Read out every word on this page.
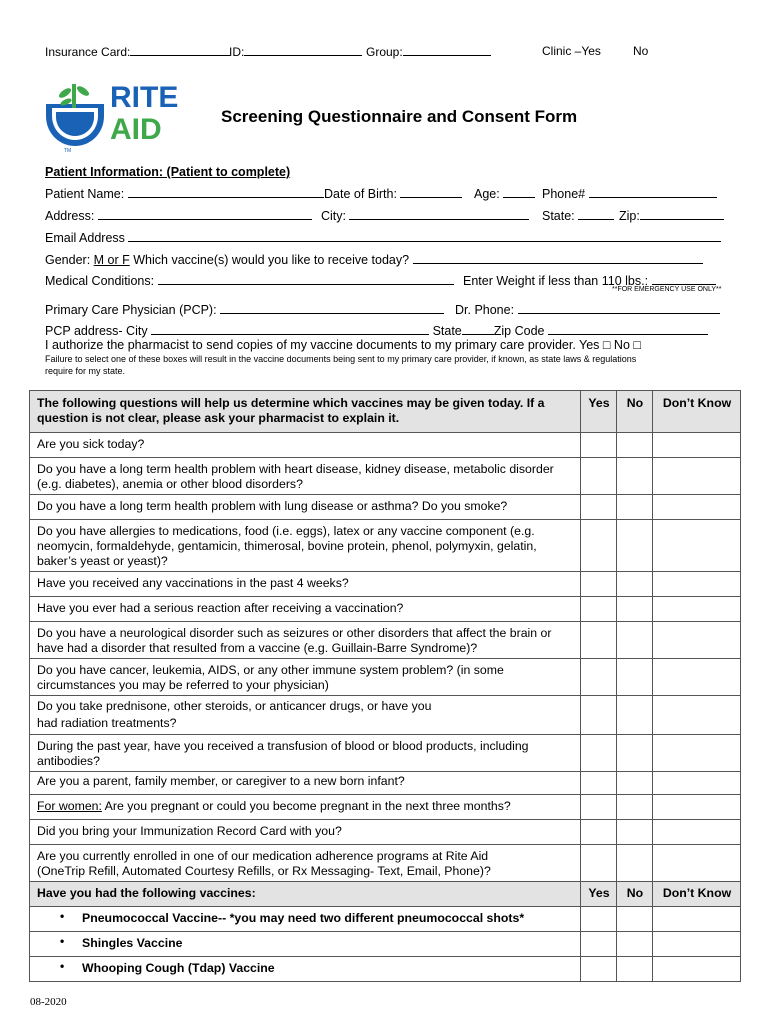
Insurance Card:	ID:	Group:	Clinic –Yes	No
RITE
AID
TM
Screening Questionnaire and Consent Form
Patient Information: (Patient to complete)
Patient Name:	Date of Birth:	Age:	Phone#
Address:	City:	State:	Zip:
Email Address
Gender: M or F Which vaccine(s) would you like to receive today?
Medical Conditions:	Enter Weight if less than 110 lbs.:
**FOR EMERGENCY USE ONLY**
Primary Care Physician (PCP):	Dr. Phone:
PCP address- City	State	Zip Code
I authorize the pharmacist to send copies of my vaccine documents to my primary care provider. Yes □ No □
Failure to select one of these boxes will result in the vaccine documents being sent to my primary care provider, if known, as state laws & regulations
require for my state.
The following questions will help us determine which vaccines may be given today. If a
question is not clear, please ask your pharmacist to explain it.	Yes	No	Don’t Know

Are you sick today?			

Do you have a long term health problem with heart disease, kidney disease, metabolic disorder
(e.g. diabetes), anemia or other blood disorders?			

Do you have a long term health problem with lung disease or asthma? Do you smoke?			

Do you have allergies to medications, food (i.e. eggs), latex or any vaccine component (e.g.
neomycin, formaldehyde, gentamicin, thimerosal, bovine protein, phenol, polymyxin, gelatin,
baker’s yeast or yeast)?			

Have you received any vaccinations in the past 4 weeks?			

Have you ever had a serious reaction after receiving a vaccination?			

Do you have a neurological disorder such as seizures or other disorders that affect the brain or
have had a disorder that resulted from a vaccine (e.g. Guillain-Barre Syndrome)?			

Do you have cancer, leukemia, AIDS, or any other immune system problem? (in some
circumstances you may be referred to your physician)			

Do you take prednisone, other steroids, or anticancer drugs, or have you
had radiation treatments?			

During the past year, have you received a transfusion of blood or blood products, including
antibodies?			

Are you a parent, family member, or caregiver to a new born infant?			

For women: Are you pregnant or could you become pregnant in the next three months?			

Did you bring your Immunization Record Card with you?			

Are you currently enrolled in one of our medication adherence programs at Rite Aid
(OneTrip Refill, Automated Courtesy Refills, or Rx Messaging- Text, Email, Phone)?			

Have you had the following vaccines:	Yes	No	Don’t Know

• Pneumococcal Vaccine-- *you may need two different pneumococcal shots*			

• Shingles Vaccine			

• Whooping Cough (Tdap) Vaccine			
08-2020
